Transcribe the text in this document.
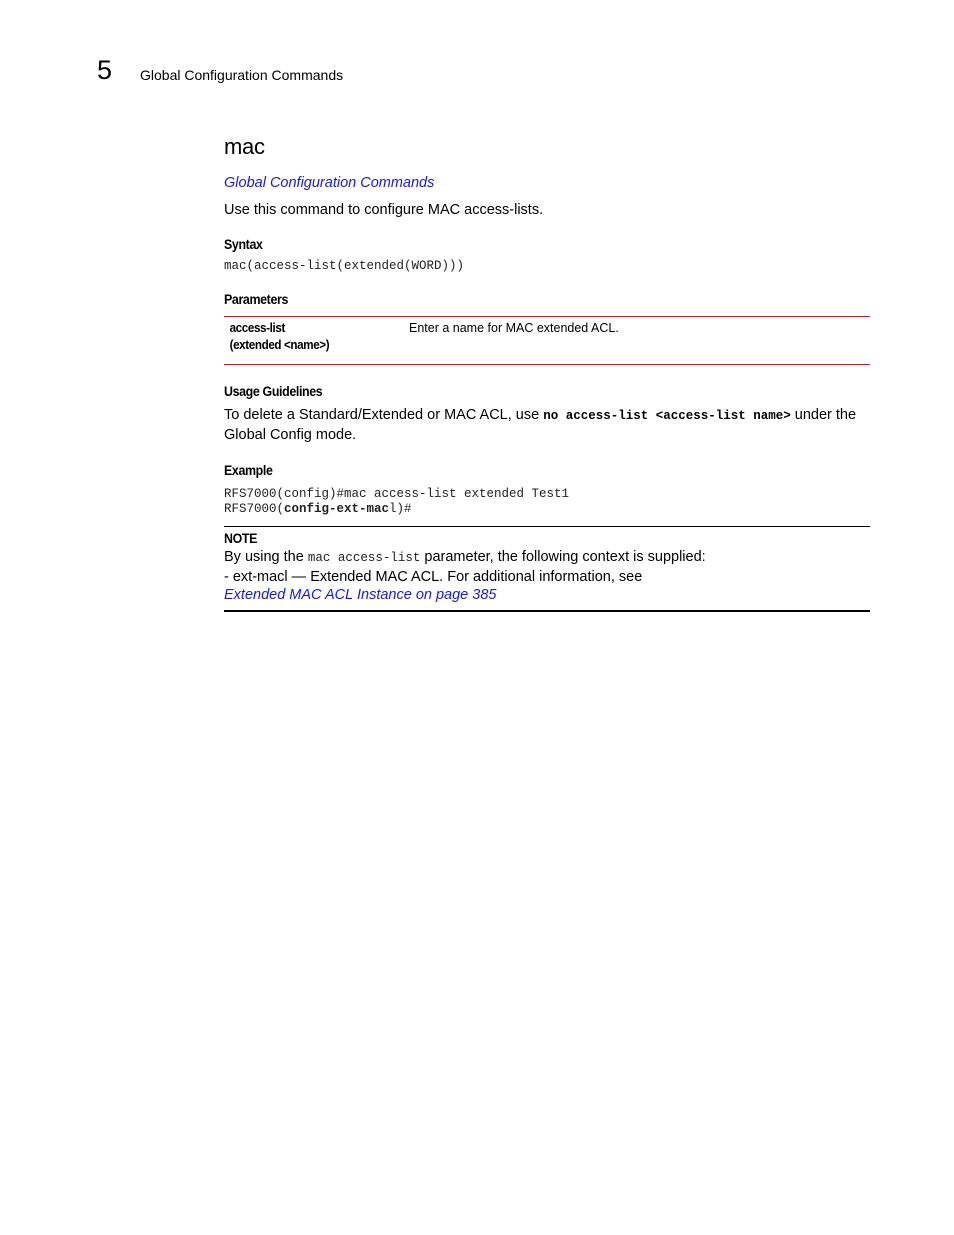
5 Global Configuration Commands
mac
Global Configuration Commands

Use this command to configure MAC access-lists.

Syntax
mac(access-list(extended(WORD)))
Parameters
access-list
(extended <name>)
Enter a name for MAC extended ACL.
Usage Guidelines

To delete a Standard/Extended or MAC ACL, use no access-list <access-list name> under the Global Config mode.

Example
RFS7000(config)#mac access-list extended Test1
RFS7000(config-ext-macl)#
NOTE
By using the mac access-list parameter, the following context is supplied:
- ext-macl — Extended MAC ACL. For additional information, see
Extended MAC ACL Instance on page 385
